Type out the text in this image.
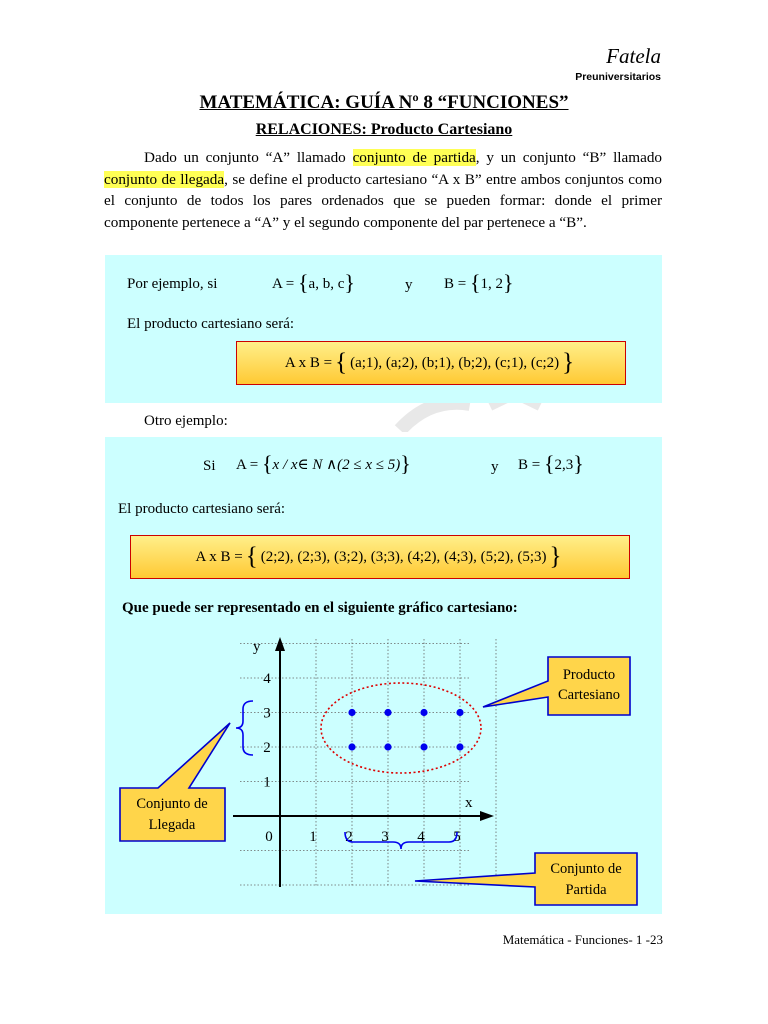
Fatela
Preuniversitarios
MATEMÁTICA: GUÍA Nº 8 “FUNCIONES”
RELACIONES: Producto Cartesiano

Dado un conjunto “A” llamado conjunto de partida, y un conjunto “B” llamado conjunto de llegada, se define el producto cartesiano “A x B” entre ambos conjuntos como el conjunto de todos los pares ordenados que se pueden formar: donde el primer componente pertenece a “A” y el segundo componente del par pertenece a “B”.

Por ejemplo, si	A = {a, b, c}	y B = {1, 2}
El producto cartesiano será:
A x B = { (a;1), (a;2), (b;1), (b;2), (c;1), (c;2) }
Otro ejemplo:
Si A = {x / x∈ N ∧(2 ≤ x ≤ 5)}	y B = {2,3}
El producto cartesiano será:
A x B = { (2;2), (2;3), (3;2), (3;3), (4;2), (4;3), (5;2), (5;3) }
Que puede ser representado en el siguiente gráfico cartesiano:
y
x
0 1 2 3 4 5
1
2
3
4	Producto
Cartesiano
Conjunto de
Llegada
Conjunto de
Partida
Matemática - Funciones- 1 -23
